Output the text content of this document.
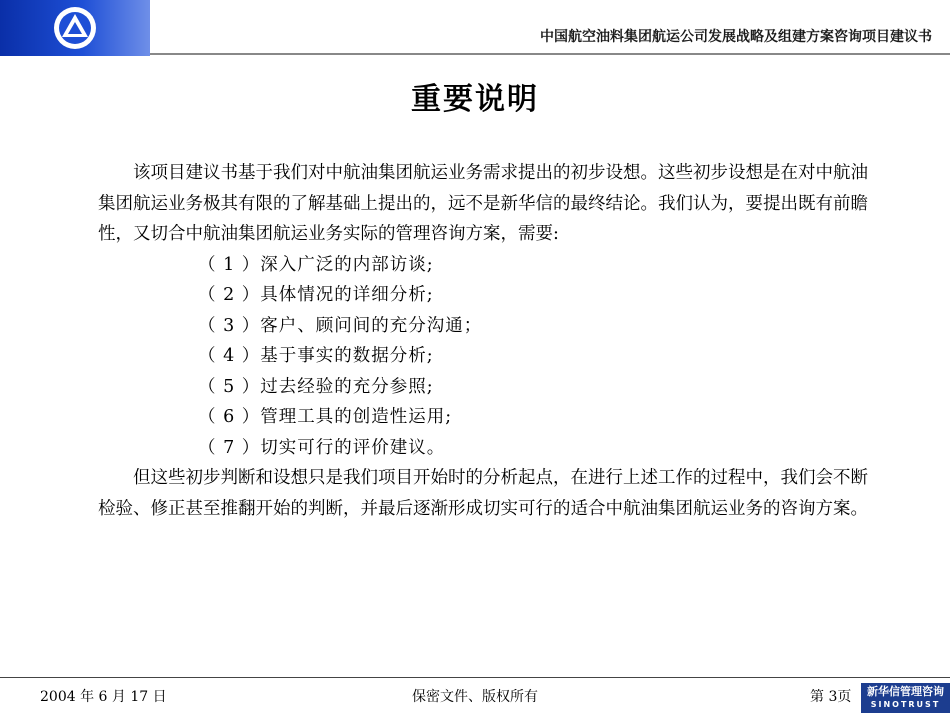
中国航空油料集团航运公司发展战略及组建方案咨询项目建议书
重要说明

该项目建议书基于我们对中航油集团航运业务需求提出的初步设想。这些初步设想是在对中航油集团航运业务极其有限的了解基础上提出的，远不是新华信的最终结论。我们认为，要提出既有前瞻性，又切合中航油集团航运业务实际的管理咨询方案，需要:

（ 1 ）深入广泛的内部访谈;

（ 2 ）具体情况的详细分析;

（ 3 ）客户、顾问间的充分沟通；

（ 4 ）基于事实的数据分析;

（ 5 ）过去经验的充分参照;

（ 6 ）管理工具的创造性运用;

（ 7 ）切实可行的评价建议。

但这些初步判断和设想只是我们项目开始时的分析起点，在进行上述工作的过程中，我们会不断检验、修正甚至推翻开始的判断，并最后逐渐形成切实可行的适合中航油集团航运业务的咨询方案。

2004 年 6 月 17 日	保密文件、版权所有	第 3页	新华信管理咨询
SINOTRUST
